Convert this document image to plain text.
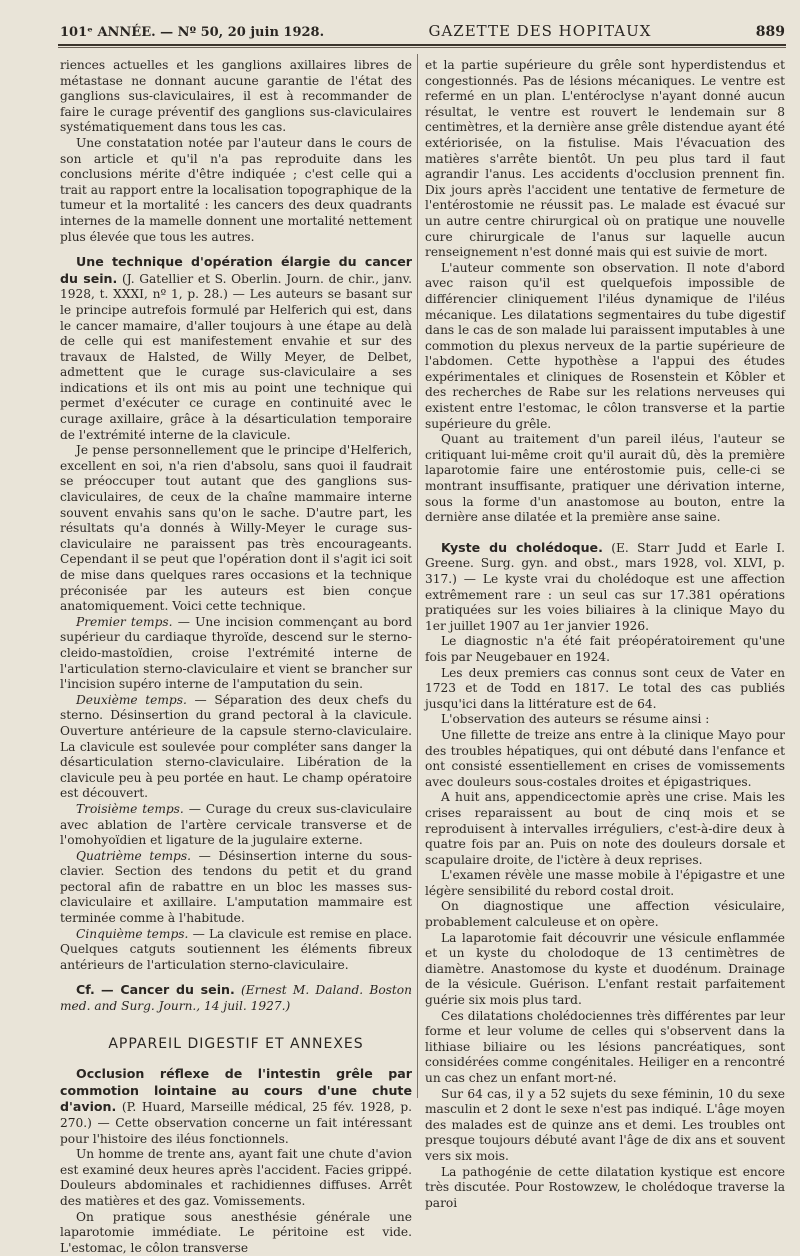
101ᵉ ANNÉE. — Nº 50, 20 juin 1928.	GAZETTE DES HOPITAUX	889

riences actuelles et les ganglions axillaires libres de métastase ne donnant aucune garantie de l'état des ganglions sus-claviculaires, il est à recommander de faire le curage préventif des ganglions sus-claviculaires systématiquement dans tous les cas.

Une constatation notée par l'auteur dans le cours de son article et qu'il n'a pas reproduite dans les conclusions mérite d'être indiquée ; c'est celle qui a trait au rapport entre la localisation topographique de la tumeur et la mortalité : les cancers des deux quadrants internes de la mamelle donnent une mortalité nettement plus élevée que tous les autres.

Une technique d'opération élargie du cancer du sein. (J. Gatellier et S. Oberlin. Journ. de chir., janv. 1928, t. XXXI, nº 1, p. 28.) — Les auteurs se basant sur le principe autrefois formulé par Helferich qui est, dans le cancer mamaire, d'aller toujours à une étape au delà de celle qui est manifestement envahie et sur des travaux de Halsted, de Willy Meyer, de Delbet, admettent que le curage sus-claviculaire a ses indications et ils ont mis au point une technique qui permet d'exécuter ce curage en continuité avec le curage axillaire, grâce à la désarticulation temporaire de l'extrémité interne de la clavicule.

Je pense personnellement que le principe d'Helferich, excellent en soi, n'a rien d'absolu, sans quoi il faudrait se préoccuper tout autant que des ganglions sus-claviculaires, de ceux de la chaîne mammaire interne souvent envahis sans qu'on le sache. D'autre part, les résultats qu'a donnés à Willy-Meyer le curage sus-claviculaire ne paraissent pas très encourageants. Cependant il se peut que l'opération dont il s'agit ici soit de mise dans quelques rares occasions et la technique préconisée par les auteurs est bien conçue anatomiquement. Voici cette technique.

Premier temps. — Une incision commençant au bord supérieur du cardiaque thyroïde, descend sur le sterno-cleido-mastoïdien, croise l'extrémité interne de l'articulation sterno-claviculaire et vient se brancher sur l'incision supéro interne de l'amputation du sein.

Deuxième temps. — Séparation des deux chefs du sterno. Désinsertion du grand pectoral à la clavicule. Ouverture antérieure de la capsule sterno-claviculaire. La clavicule est soulevée pour compléter sans danger la désarticulation sterno-claviculaire. Libération de la clavicule peu à peu portée en haut. Le champ opératoire est découvert.

Troisième temps. — Curage du creux sus-claviculaire avec ablation de l'artère cervicale transverse et de l'omohyoïdien et ligature de la jugulaire externe.

Quatrième temps. — Désinsertion interne du sous-clavier. Section des tendons du petit et du grand pectoral afin de rabattre en un bloc les masses sus-claviculaire et axillaire. L'amputation mammaire est terminée comme à l'habitude.

Cinquième temps. — La clavicule est remise en place. Quelques catguts soutiennent les éléments fibreux antérieurs de l'articulation sterno-claviculaire.

Cf. — Cancer du sein. (Ernest M. Daland. Boston med. and Surg. Journ., 14 juil. 1927.)

APPAREIL DIGESTIF ET ANNEXES

Occlusion réflexe de l'intestin grêle par commotion lointaine au cours d'une chute d'avion. (P. Huard, Marseille médical, 25 fév. 1928, p. 270.) — Cette observation concerne un fait intéressant pour l'histoire des iléus fonctionnels.

Un homme de trente ans, ayant fait une chute d'avion est examiné deux heures après l'accident. Facies grippé. Douleurs abdominales et rachidiennes diffuses. Arrêt des matières et des gaz. Vomissements.

On pratique sous anesthésie générale une laparotomie immédiate. Le péritoine est vide. L'estomac, le côlon transverse

et la partie supérieure du grêle sont hyperdistendus et congestionnés. Pas de lésions mécaniques. Le ventre est refermé en un plan. L'entéroclyse n'ayant donné aucun résultat, le ventre est rouvert le lendemain sur 8 centimètres, et la dernière anse grêle distendue ayant été extériorisée, on la fistulise. Mais l'évacuation des matières s'arrête bientôt. Un peu plus tard il faut agrandir l'anus. Les accidents d'occlusion prennent fin. Dix jours après l'accident une tentative de fermeture de l'entérostomie ne réussit pas. Le malade est évacué sur un autre centre chirurgical où on pratique une nouvelle cure chirurgicale de l'anus sur laquelle aucun renseignement n'est donné mais qui est suivie de mort.

L'auteur commente son observation. Il note d'abord avec raison qu'il est quelquefois impossible de différencier cliniquement l'iléus dynamique de l'iléus mécanique. Les dilatations segmentaires du tube digestif dans le cas de son malade lui paraissent imputables à une commotion du plexus nerveux de la partie supérieure de l'abdomen. Cette hypothèse a l'appui des études expérimentales et cliniques de Rosenstein et Kôbler et des recherches de Rabe sur les relations nerveuses qui existent entre l'estomac, le côlon transverse et la partie supérieure du grêle.

Quant au traitement d'un pareil iléus, l'auteur se critiquant lui-même croit qu'il aurait dû, dès la première laparotomie faire une entérostomie puis, celle-ci se montrant insuffisante, pratiquer une dérivation interne, sous la forme d'un anastomose au bouton, entre la dernière anse dilatée et la première anse saine.

Kyste du cholédoque. (E. Starr Judd et Earle I. Greene. Surg. gyn. and obst., mars 1928, vol. XLVI, p. 317.) — Le kyste vrai du cholédoque est une affection extrêmement rare : un seul cas sur 17.381 opérations pratiquées sur les voies biliaires à la clinique Mayo du 1er juillet 1907 au 1er janvier 1926.

Le diagnostic n'a été fait préopératoirement qu'une fois par Neugebauer en 1924.

Les deux premiers cas connus sont ceux de Vater en 1723 et de Todd en 1817. Le total des cas publiés jusqu'ici dans la littérature est de 64.

L'observation des auteurs se résume ainsi :

Une fillette de treize ans entre à la clinique Mayo pour des troubles hépatiques, qui ont débuté dans l'enfance et ont consisté essentiellement en crises de vomissements avec douleurs sous-costales droites et épigastriques.

A huit ans, appendicectomie après une crise. Mais les crises reparaissent au bout de cinq mois et se reproduisent à intervalles irréguliers, c'est-à-dire deux à quatre fois par an. Puis on note des douleurs dorsale et scapulaire droite, de l'ictère à deux reprises.

L'examen révèle une masse mobile à l'épigastre et une légère sensibilité du rebord costal droit.

On diagnostique une affection vésiculaire, probablement calculeuse et on opère.

La laparotomie fait découvrir une vésicule enflammée et un kyste du cholodoque de 13 centimètres de diamètre. Anastomose du kyste et duodénum. Drainage de la vésicule. Guérison. L'enfant restait parfaitement guérie six mois plus tard.

Ces dilatations cholédociennes très différentes par leur forme et leur volume de celles qui s'observent dans la lithiase biliaire ou les lésions pancréatiques, sont considérées comme congénitales. Heiliger en a rencontré un cas chez un enfant mort-né.

Sur 64 cas, il y a 52 sujets du sexe féminin, 10 du sexe masculin et 2 dont le sexe n'est pas indiqué. L'âge moyen des malades est de quinze ans et demi. Les troubles ont presque toujours débuté avant l'âge de dix ans et souvent vers six mois.

La pathogénie de cette dilatation kystique est encore très discutée. Pour Rostowzew, le cholédoque traverse la paroi
